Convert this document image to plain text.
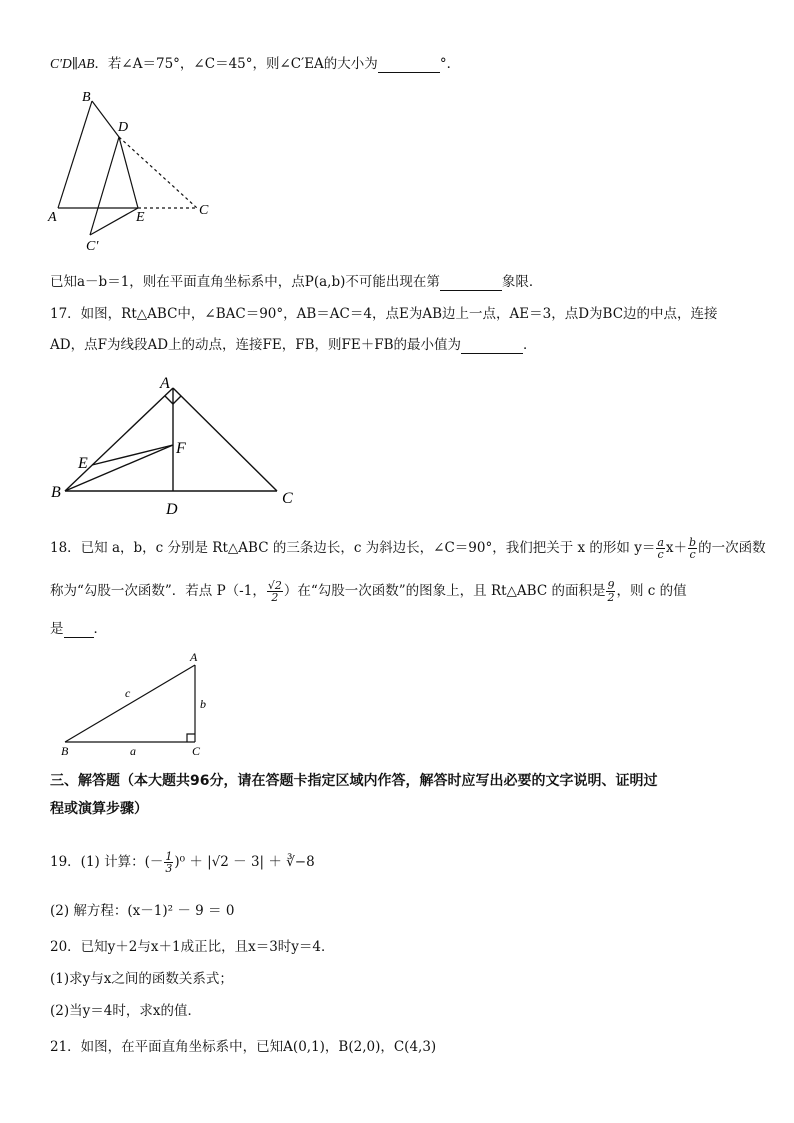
C′D∥AB．若∠A＝75°，∠C＝45°，则∠C′EA的大小为	°．
B
D
A	E	C
C′
已知a－b＝1，则在平面直角坐标系中，点P(a,b)不可能出现在第	象限．
17．如图，Rt△ABC中，∠BAC＝90°，AB＝AC＝4，点E为AB边上一点，AE＝3，点D为BC边的中点，连接
AD，点F为线段AD上的动点，连接FE，FB，则FE＋FB的最小值为	．
A
E
F
B
D
C
18．已知 a，b，c 分别是 Rt△ABC 的三条边长，c 为斜边长，∠C＝90°，我们把关于 x 的形如 $y= \frac{a}{c} x+ \frac{b}{c}$ 的一次函数
称为“勾股一次函数”．若点 P（-1， $\frac{√2}{2}$ ）在“勾股一次函数”的图象上，且 Rt△ABC 的面积是 $\frac{9}{2}$ ，则 c 的值
是 ．
A
B	C
a
b
c
三、解答题（本大题共96分，请在答题卡指定区域内作答，解答时应写出必要的文字说明、证明过
程或演算步骤）
19．(1) 计算：(－ $\frac{1}{3} )^0 + |√2 - 3|$ ＋ ∛−8
(2) 解方程：(x－1)² － 9 ＝ 0
20．已知y＋2与x＋1成正比，且x＝3时y＝4．
(1)求y与x之间的函数关系式；
(2)当y＝4时，求x的值．
21．如图，在平面直角坐标系中，已知A(0,1)，B(2,0)，C(4,3)
